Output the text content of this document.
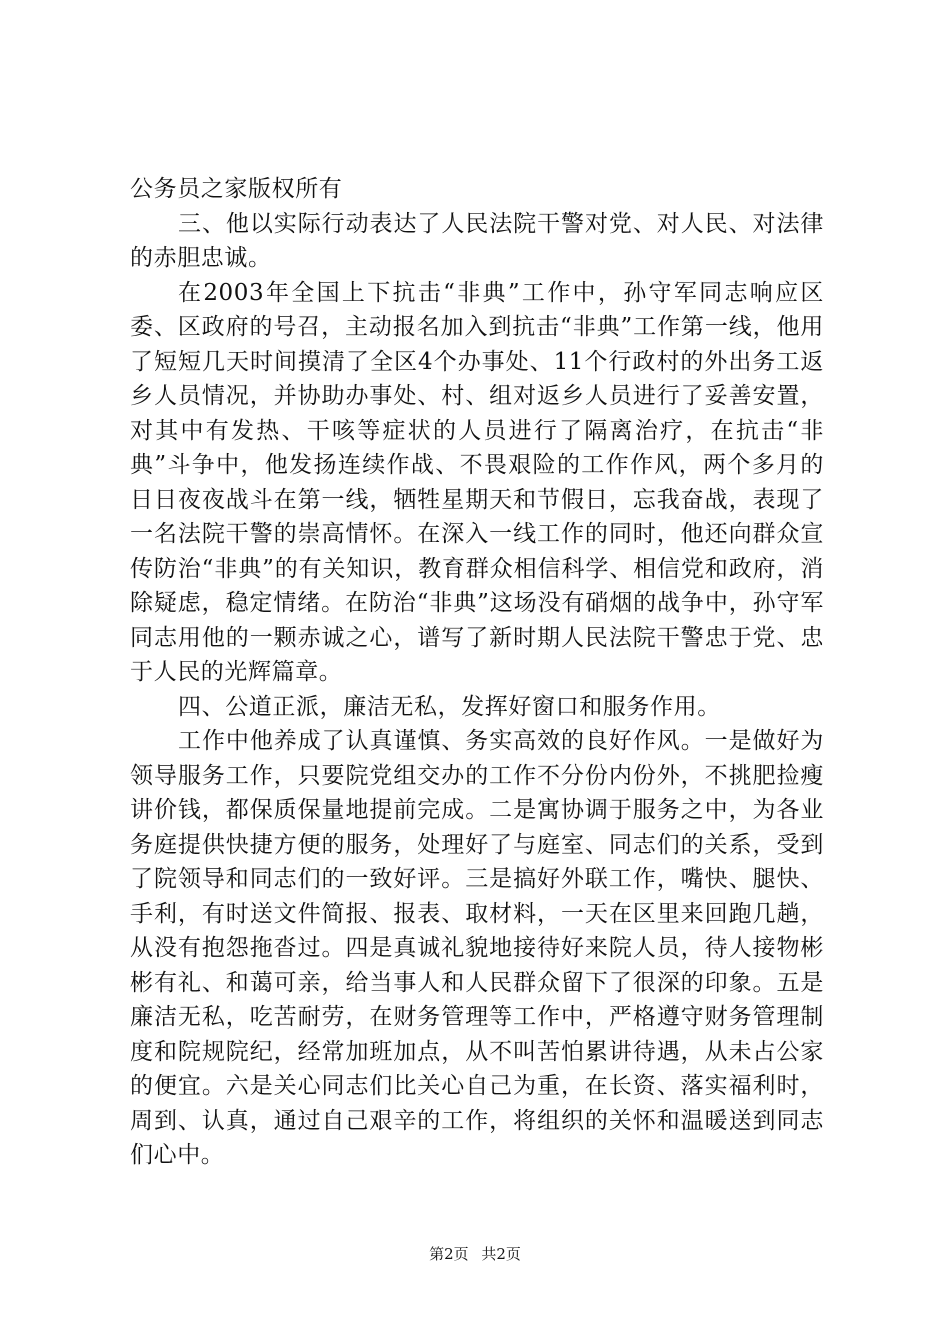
公务员之家版权所有

三、他以实际行动表达了人民法院干警对党、对人民、对法律的赤胆忠诚。

在2003年全国上下抗击“非典”工作中，孙守军同志响应区委、区政府的号召，主动报名加入到抗击“非典”工作第一线，他用了短短几天时间摸清了全区4个办事处、11个行政村的外出务工返乡人员情况，并协助办事处、村、组对返乡人员进行了妥善安置，对其中有发热、干咳等症状的人员进行了隔离治疗，在抗击“非典”斗争中，他发扬连续作战、不畏艰险的工作作风，两个多月的日日夜夜战斗在第一线，牺牲星期天和节假日，忘我奋战，表现了一名法院干警的崇高情怀。在深入一线工作的同时，他还向群众宣传防治“非典”的有关知识，教育群众相信科学、相信党和政府，消除疑虑，稳定情绪。在防治“非典”这场没有硝烟的战争中，孙守军同志用他的一颗赤诚之心，谱写了新时期人民法院干警忠于党、忠于人民的光辉篇章。

四、公道正派，廉洁无私，发挥好窗口和服务作用。

工作中他养成了认真谨慎、务实高效的良好作风。一是做好为领导服务工作，只要院党组交办的工作不分份内份外，不挑肥捡瘦讲价钱，都保质保量地提前完成。二是寓协调于服务之中，为各业务庭提供快捷方便的服务，处理好了与庭室、同志们的关系，受到了院领导和同志们的一致好评。三是搞好外联工作，嘴快、腿快、手利，有时送文件简报、报表、取材料，一天在区里来回跑几趟，从没有抱怨拖沓过。四是真诚礼貌地接待好来院人员，待人接物彬彬有礼、和蔼可亲，给当事人和人民群众留下了很深的印象。五是廉洁无私，吃苦耐劳，在财务管理等工作中，严格遵守财务管理制度和院规院纪，经常加班加点，从不叫苦怕累讲待遇，从未占公家的便宜。六是关心同志们比关心自己为重，在长资、落实福利时，周到、认真，通过自己艰辛的工作，将组织的关怀和温暖送到同志们心中。

第2页 共2页
